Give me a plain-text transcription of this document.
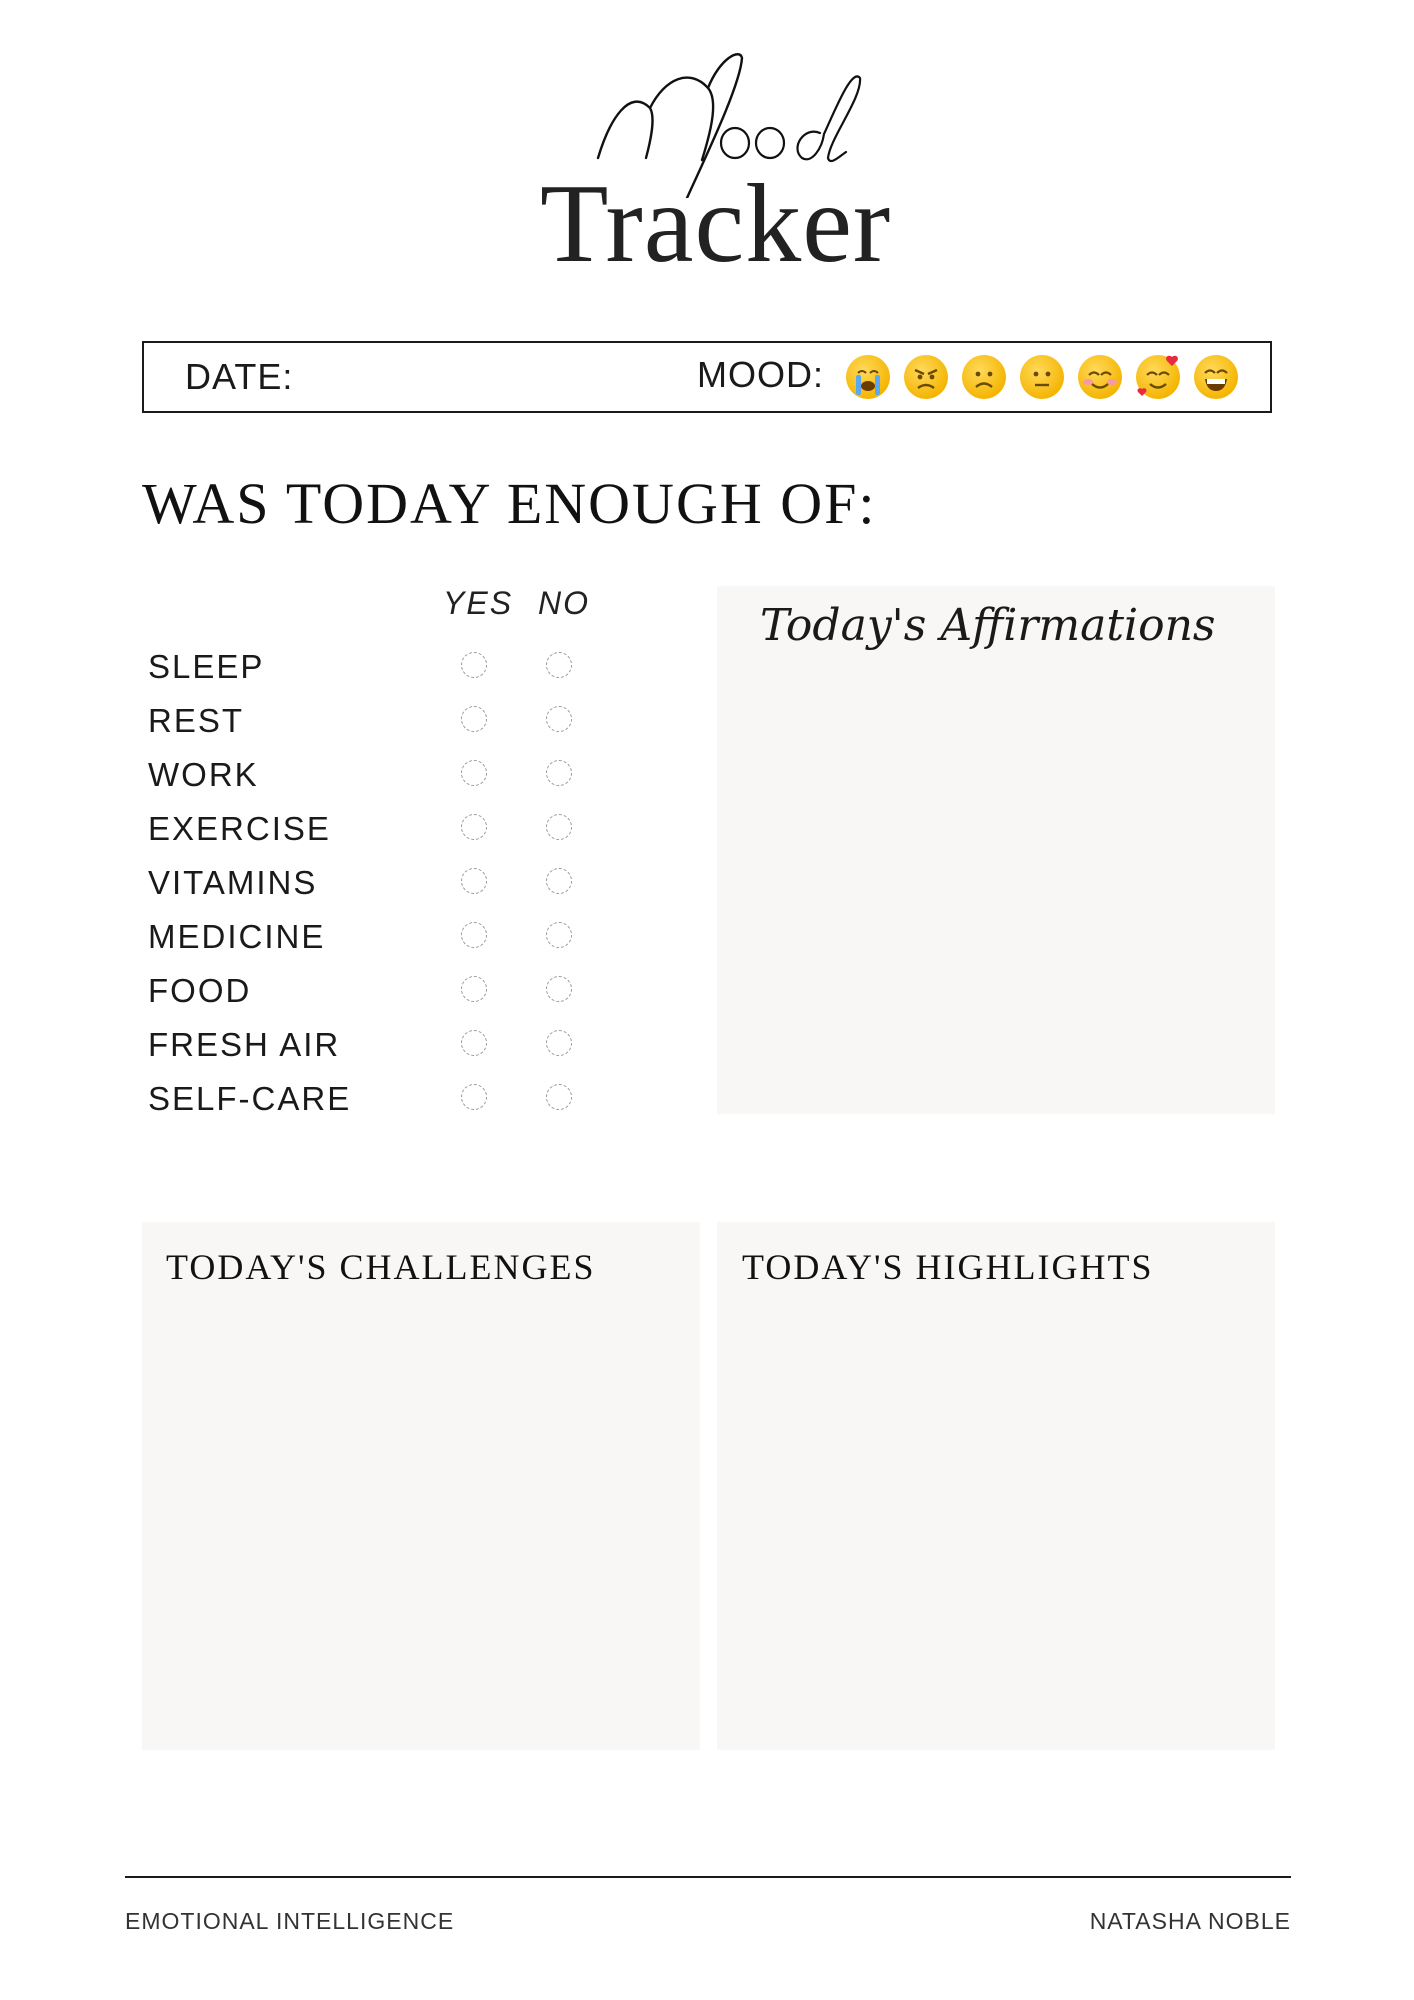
Tracker
DATE:	MOOD:
WAS TODAY ENOUGH OF:
YES NO
SLEEP
REST
WORK
EXERCISE
VITAMINS
MEDICINE
FOOD
FRESH AIR
SELF-CARE
Today's Affirmations
TODAY'S CHALLENGES	TODAY'S HIGHLIGHTS
EMOTIONAL INTELLIGENCE	NATASHA NOBLE
